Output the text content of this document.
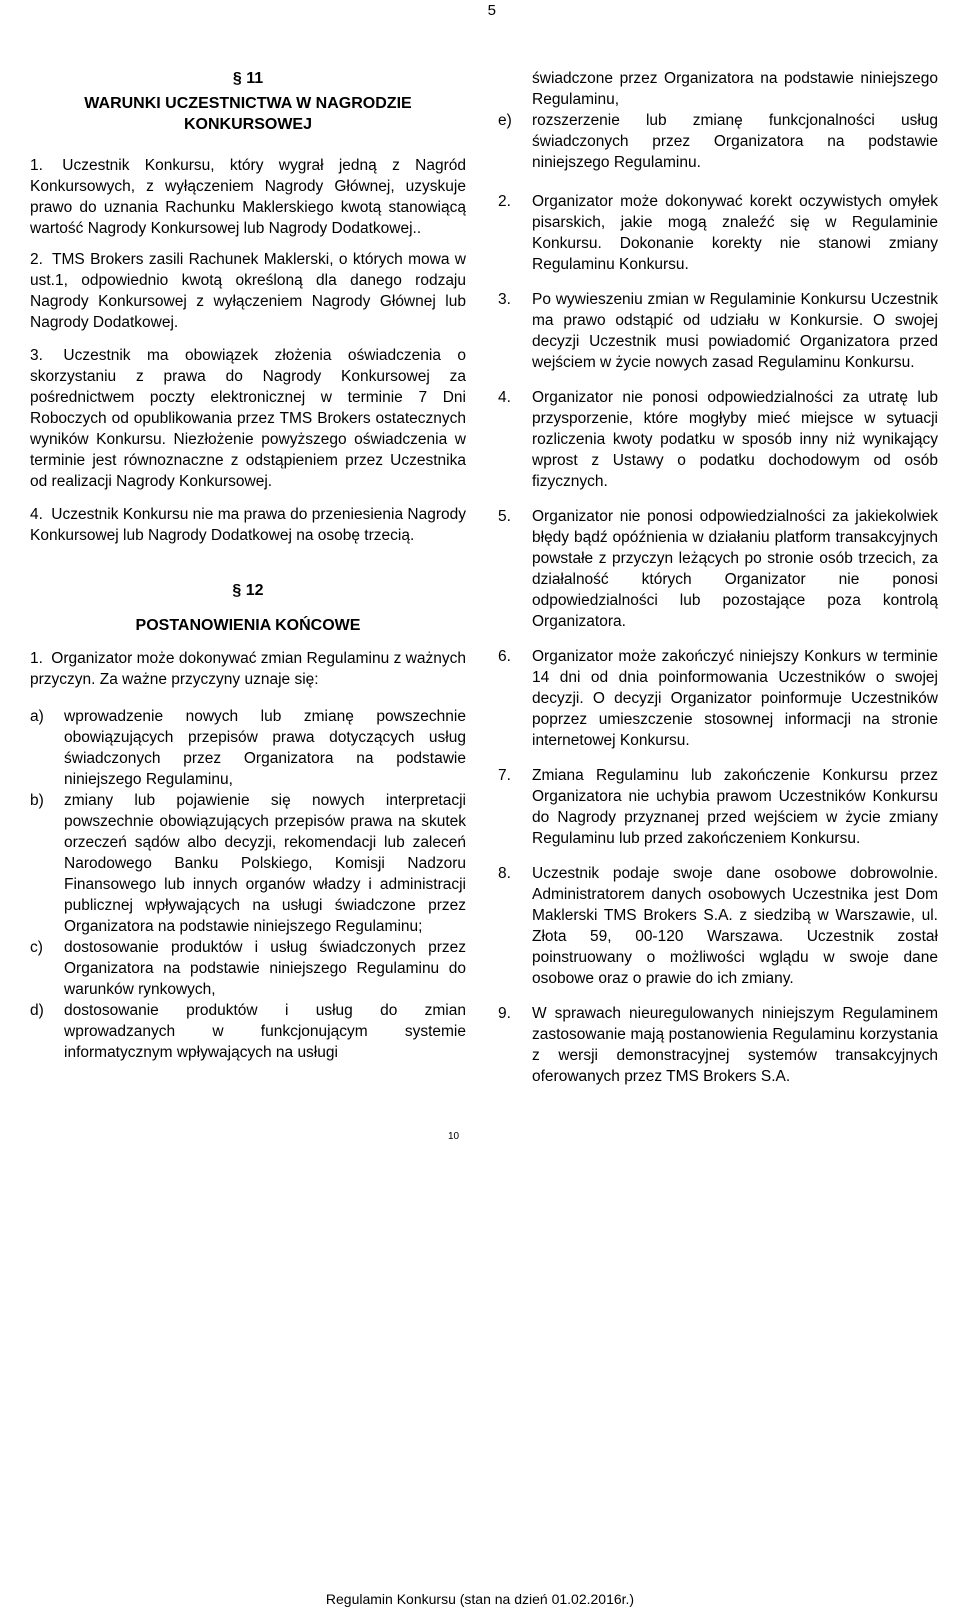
5
§ 11
WARUNKI UCZESTNICTWA W NAGRODZIE KONKURSOWEJ
1. Uczestnik Konkursu, który wygrał jedną z Nagród Konkursowych, z wyłączeniem Nagrody Głównej, uzyskuje prawo do uznania Rachunku Maklerskiego kwotą stanowiącą wartość Nagrody Konkursowej lub Nagrody Dodatkowej..
2. TMS Brokers zasili Rachunek Maklerski, o których mowa w ust.1, odpowiednio kwotą określoną dla danego rodzaju Nagrody Konkursowej z wyłączeniem Nagrody Głównej lub Nagrody Dodatkowej.
3. Uczestnik ma obowiązek złożenia oświadczenia o skorzystaniu z prawa do Nagrody Konkursowej za pośrednictwem poczty elektronicznej w terminie 7 Dni Roboczych od opublikowania przez TMS Brokers ostatecznych wyników Konkursu. Niezłożenie powyższego oświadczenia w terminie jest równoznaczne z odstąpieniem przez Uczestnika od realizacji Nagrody Konkursowej.
4. Uczestnik Konkursu nie ma prawa do przeniesienia Nagrody Konkursowej lub Nagrody Dodatkowej na osobę trzecią.
§ 12
POSTANOWIENIA KOŃCOWE
1. Organizator może dokonywać zmian Regulaminu z ważnych przyczyn. Za ważne przyczyny uznaje się:
a)	wprowadzenie nowych lub zmianę powszechnie obowiązujących przepisów prawa dotyczących usług świadczonych przez Organizatora na podstawie niniejszego Regulaminu,
b)	zmiany lub pojawienie się nowych interpretacji powszechnie obowiązujących przepisów prawa na skutek orzeczeń sądów albo decyzji, rekomendacji lub zaleceń Narodowego Banku Polskiego, Komisji Nadzoru Finansowego lub innych organów władzy i administracji publicznej wpływających na usługi świadczone przez Organizatora na podstawie niniejszego Regulaminu;
c)	dostosowanie produktów i usług świadczonych przez Organizatora na podstawie niniejszego Regulaminu do warunków rynkowych,
d)	dostosowanie produktów i usług do zmian wprowadzanych w funkcjonującym systemie informatycznym wpływających na usługi
10
świadczone przez Organizatora na podstawie niniejszego Regulaminu,
e)	rozszerzenie lub zmianę funkcjonalności usług świadczonych przez Organizatora na podstawie niniejszego Regulaminu.
2.	Organizator może dokonywać korekt oczywistych omyłek pisarskich, jakie mogą znaleźć się w Regulaminie Konkursu. Dokonanie korekty nie stanowi zmiany Regulaminu Konkursu.
3.	Po wywieszeniu zmian w Regulaminie Konkursu Uczestnik ma prawo odstąpić od udziału w Konkursie. O swojej decyzji Uczestnik musi powiadomić Organizatora przed wejściem w życie nowych zasad Regulaminu Konkursu.
4.	Organizator nie ponosi odpowiedzialności za utratę lub przysporzenie, które mogłyby mieć miejsce w sytuacji rozliczenia kwoty podatku w sposób inny niż wynikający wprost z Ustawy o podatku dochodowym od osób fizycznych.
5.	Organizator nie ponosi odpowiedzialności za jakiekolwiek błędy bądź opóźnienia w działaniu platform transakcyjnych powstałe z przyczyn leżących po stronie osób trzecich, za działalność których Organizator nie ponosi odpowiedzialności lub pozostające poza kontrolą Organizatora.
6.	Organizator może zakończyć niniejszy Konkurs w terminie 14 dni od dnia poinformowania Uczestników o swojej decyzji. O decyzji Organizator poinformuje Uczestników poprzez umieszczenie stosownej informacji na stronie internetowej Konkursu.
7.	Zmiana Regulaminu lub zakończenie Konkursu przez Organizatora nie uchybia prawom Uczestników Konkursu do Nagrody przyznanej przed wejściem w życie zmiany Regulaminu lub przed zakończeniem Konkursu.
8.	Uczestnik podaje swoje dane osobowe dobrowolnie. Administratorem danych osobowych Uczestnika jest Dom Maklerski TMS Brokers S.A. z siedzibą w Warszawie, ul. Złota 59, 00-120 Warszawa. Uczestnik został poinstruowany o możliwości wglądu w swoje dane osobowe oraz o prawie do ich zmiany.
9.	W sprawach nieuregulowanych niniejszym Regulaminem zastosowanie mają postanowienia Regulaminu korzystania z wersji demonstracyjnej systemów transakcyjnych oferowanych przez TMS Brokers S.A.
Regulamin Konkursu (stan na dzień 01.02.2016r.)
